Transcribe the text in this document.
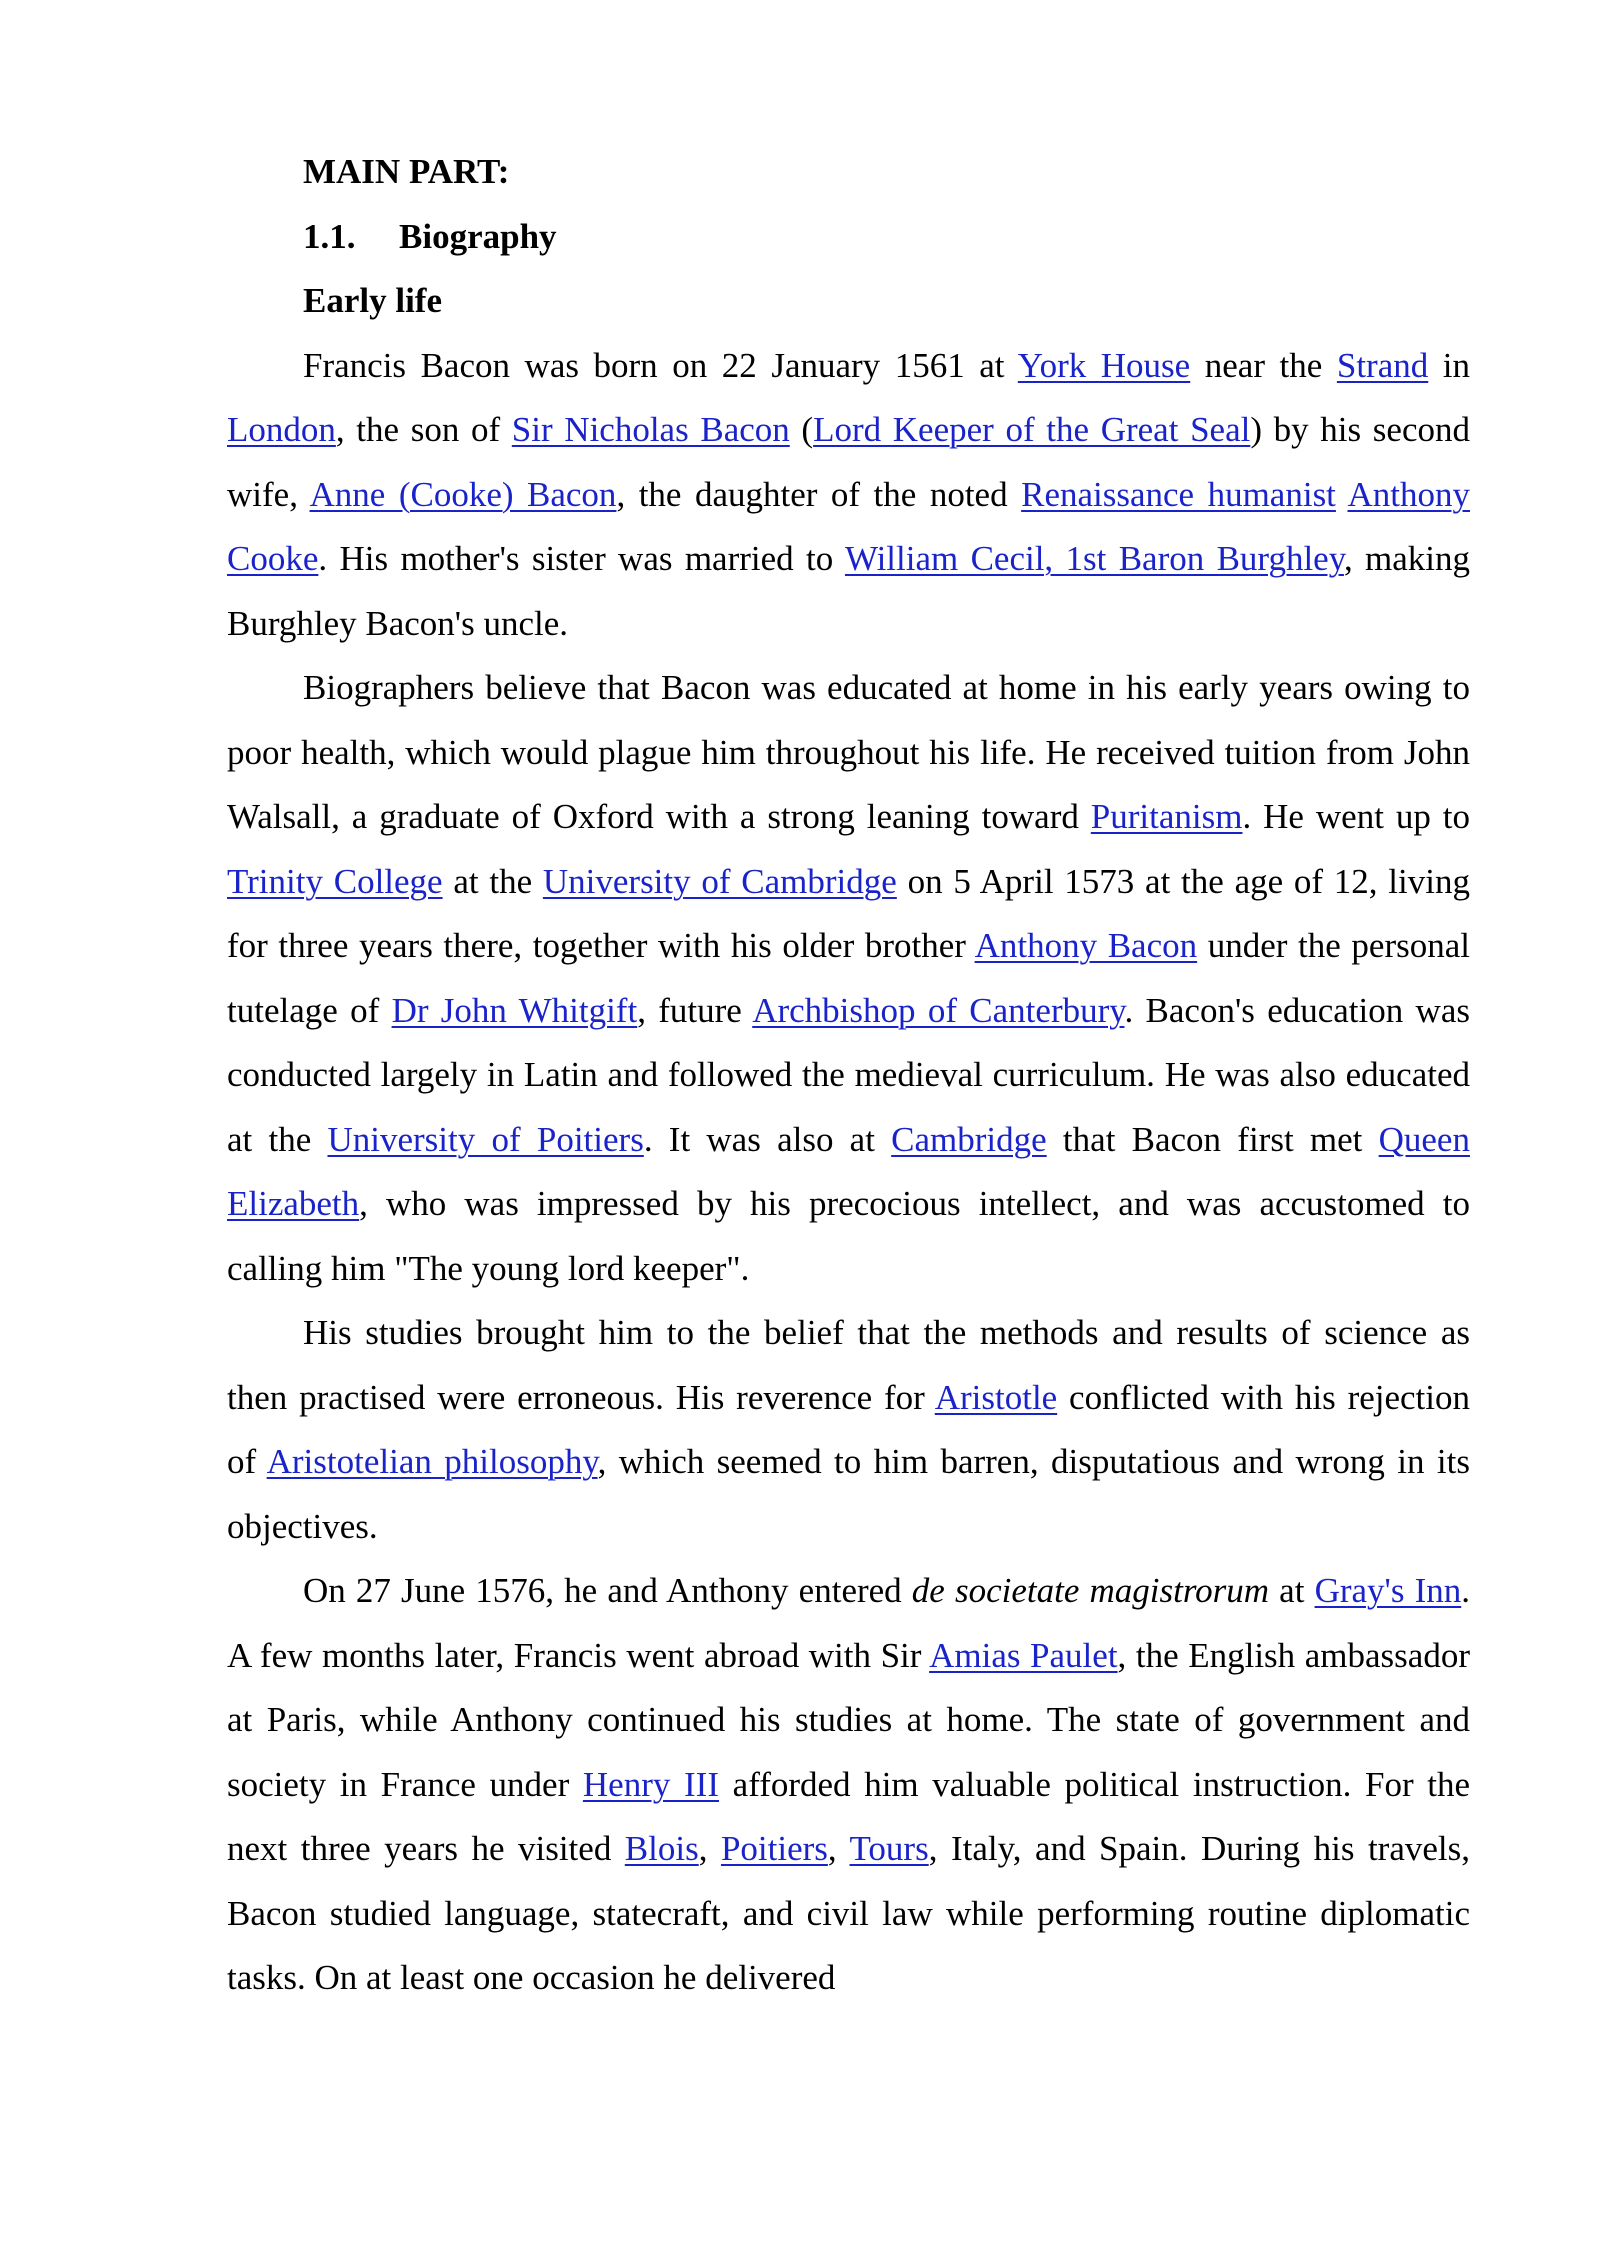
MAIN PART:
1.1. Biography
Early life

Francis Bacon was born on 22 January 1561 at York House near the Strand in London, the son of Sir Nicholas Bacon (Lord Keeper of the Great Seal) by his second wife, Anne (Cooke) Bacon, the daughter of the noted Renaissance humanist Anthony Cooke. His mother's sister was married to William Cecil, 1st Baron Burghley, making Burghley Bacon's uncle.

Biographers believe that Bacon was educated at home in his early years owing to poor health, which would plague him throughout his life. He received tuition from John Walsall, a graduate of Oxford with a strong leaning toward Puritanism. He went up to Trinity College at the University of Cambridge on 5 April 1573 at the age of 12, living for three years there, together with his older brother Anthony Bacon under the personal tutelage of Dr John Whitgift, future Archbishop of Canterbury. Bacon's education was conducted largely in Latin and followed the medieval curriculum. He was also educated at the University of Poitiers. It was also at Cambridge that Bacon first met Queen Elizabeth, who was impressed by his precocious intellect, and was accustomed to calling him "The young lord keeper".

His studies brought him to the belief that the methods and results of science as then practised were erroneous. His reverence for Aristotle conflicted with his rejection of Aristotelian philosophy, which seemed to him barren, disputatious and wrong in its objectives.

On 27 June 1576, he and Anthony entered de societate magistrorum at Gray's Inn. A few months later, Francis went abroad with Sir Amias Paulet, the English ambassador at Paris, while Anthony continued his studies at home. The state of government and society in France under Henry III afforded him valuable political instruction. For the next three years he visited Blois, Poitiers, Tours, Italy, and Spain. During his travels, Bacon studied language, statecraft, and civil law while performing routine diplomatic tasks. On at least one occasion he delivered
